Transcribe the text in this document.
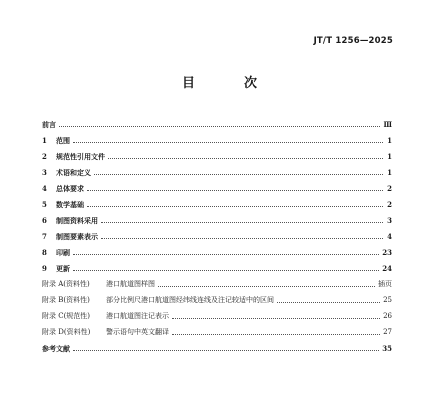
JT/T 1256—2025
目　次
前言	Ⅲ
1	范围	1
2	规范性引用文件	1
3	术语和定义	1
4	总体要求	2
5	数学基础	2
6	制图资料采用	3
7	制图要素表示	4
8	印刷	23
9	更新	24
附录 A(资料性)	港口航道图样图	插页
附录 B(资料性)	部分比例尺港口航道图经纬线连线及注记较适中的区间	25
附录 C(规范性)	港口航道图注记表示	26
附录 D(资料性)	警示语句中英文翻译	27
参考文献	35
